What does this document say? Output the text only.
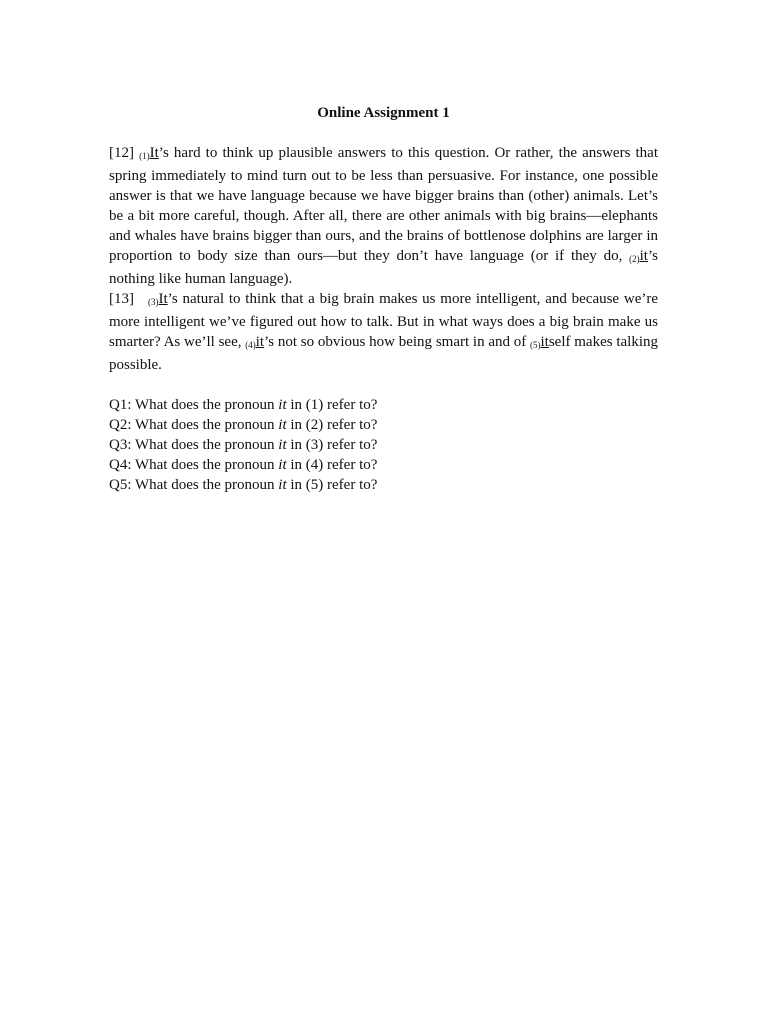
Online Assignment 1

[12] $_{(1)}$It’s hard to think up plausible answers to this question. Or rather, the answers that spring immediately to mind turn out to be less than persuasive. For instance, one possible answer is that we have language because we have bigger brains than (other) animals. Let’s be a bit more careful, though. After all, there are other animals with big brains—elephants and whales have brains bigger than ours, and the brains of bottlenose dolphins are larger in proportion to body size than ours—but they don’t have language (or if they do, $_{(2)}$it’s nothing like human language).

[13] $_{(3)}$It’s natural to think that a big brain makes us more intelligent, and because we’re more intelligent we’ve figured out how to talk. But in what ways does a big brain make us smarter? As we’ll see, $_{(4)}$it’s not so obvious how being smart in and of $_{(5)}$itself makes talking possible.

Q1: What does the pronoun it in (1) refer to?

Q2: What does the pronoun it in (2) refer to?

Q3: What does the pronoun it in (3) refer to?

Q4: What does the pronoun it in (4) refer to?

Q5: What does the pronoun it in (5) refer to?
